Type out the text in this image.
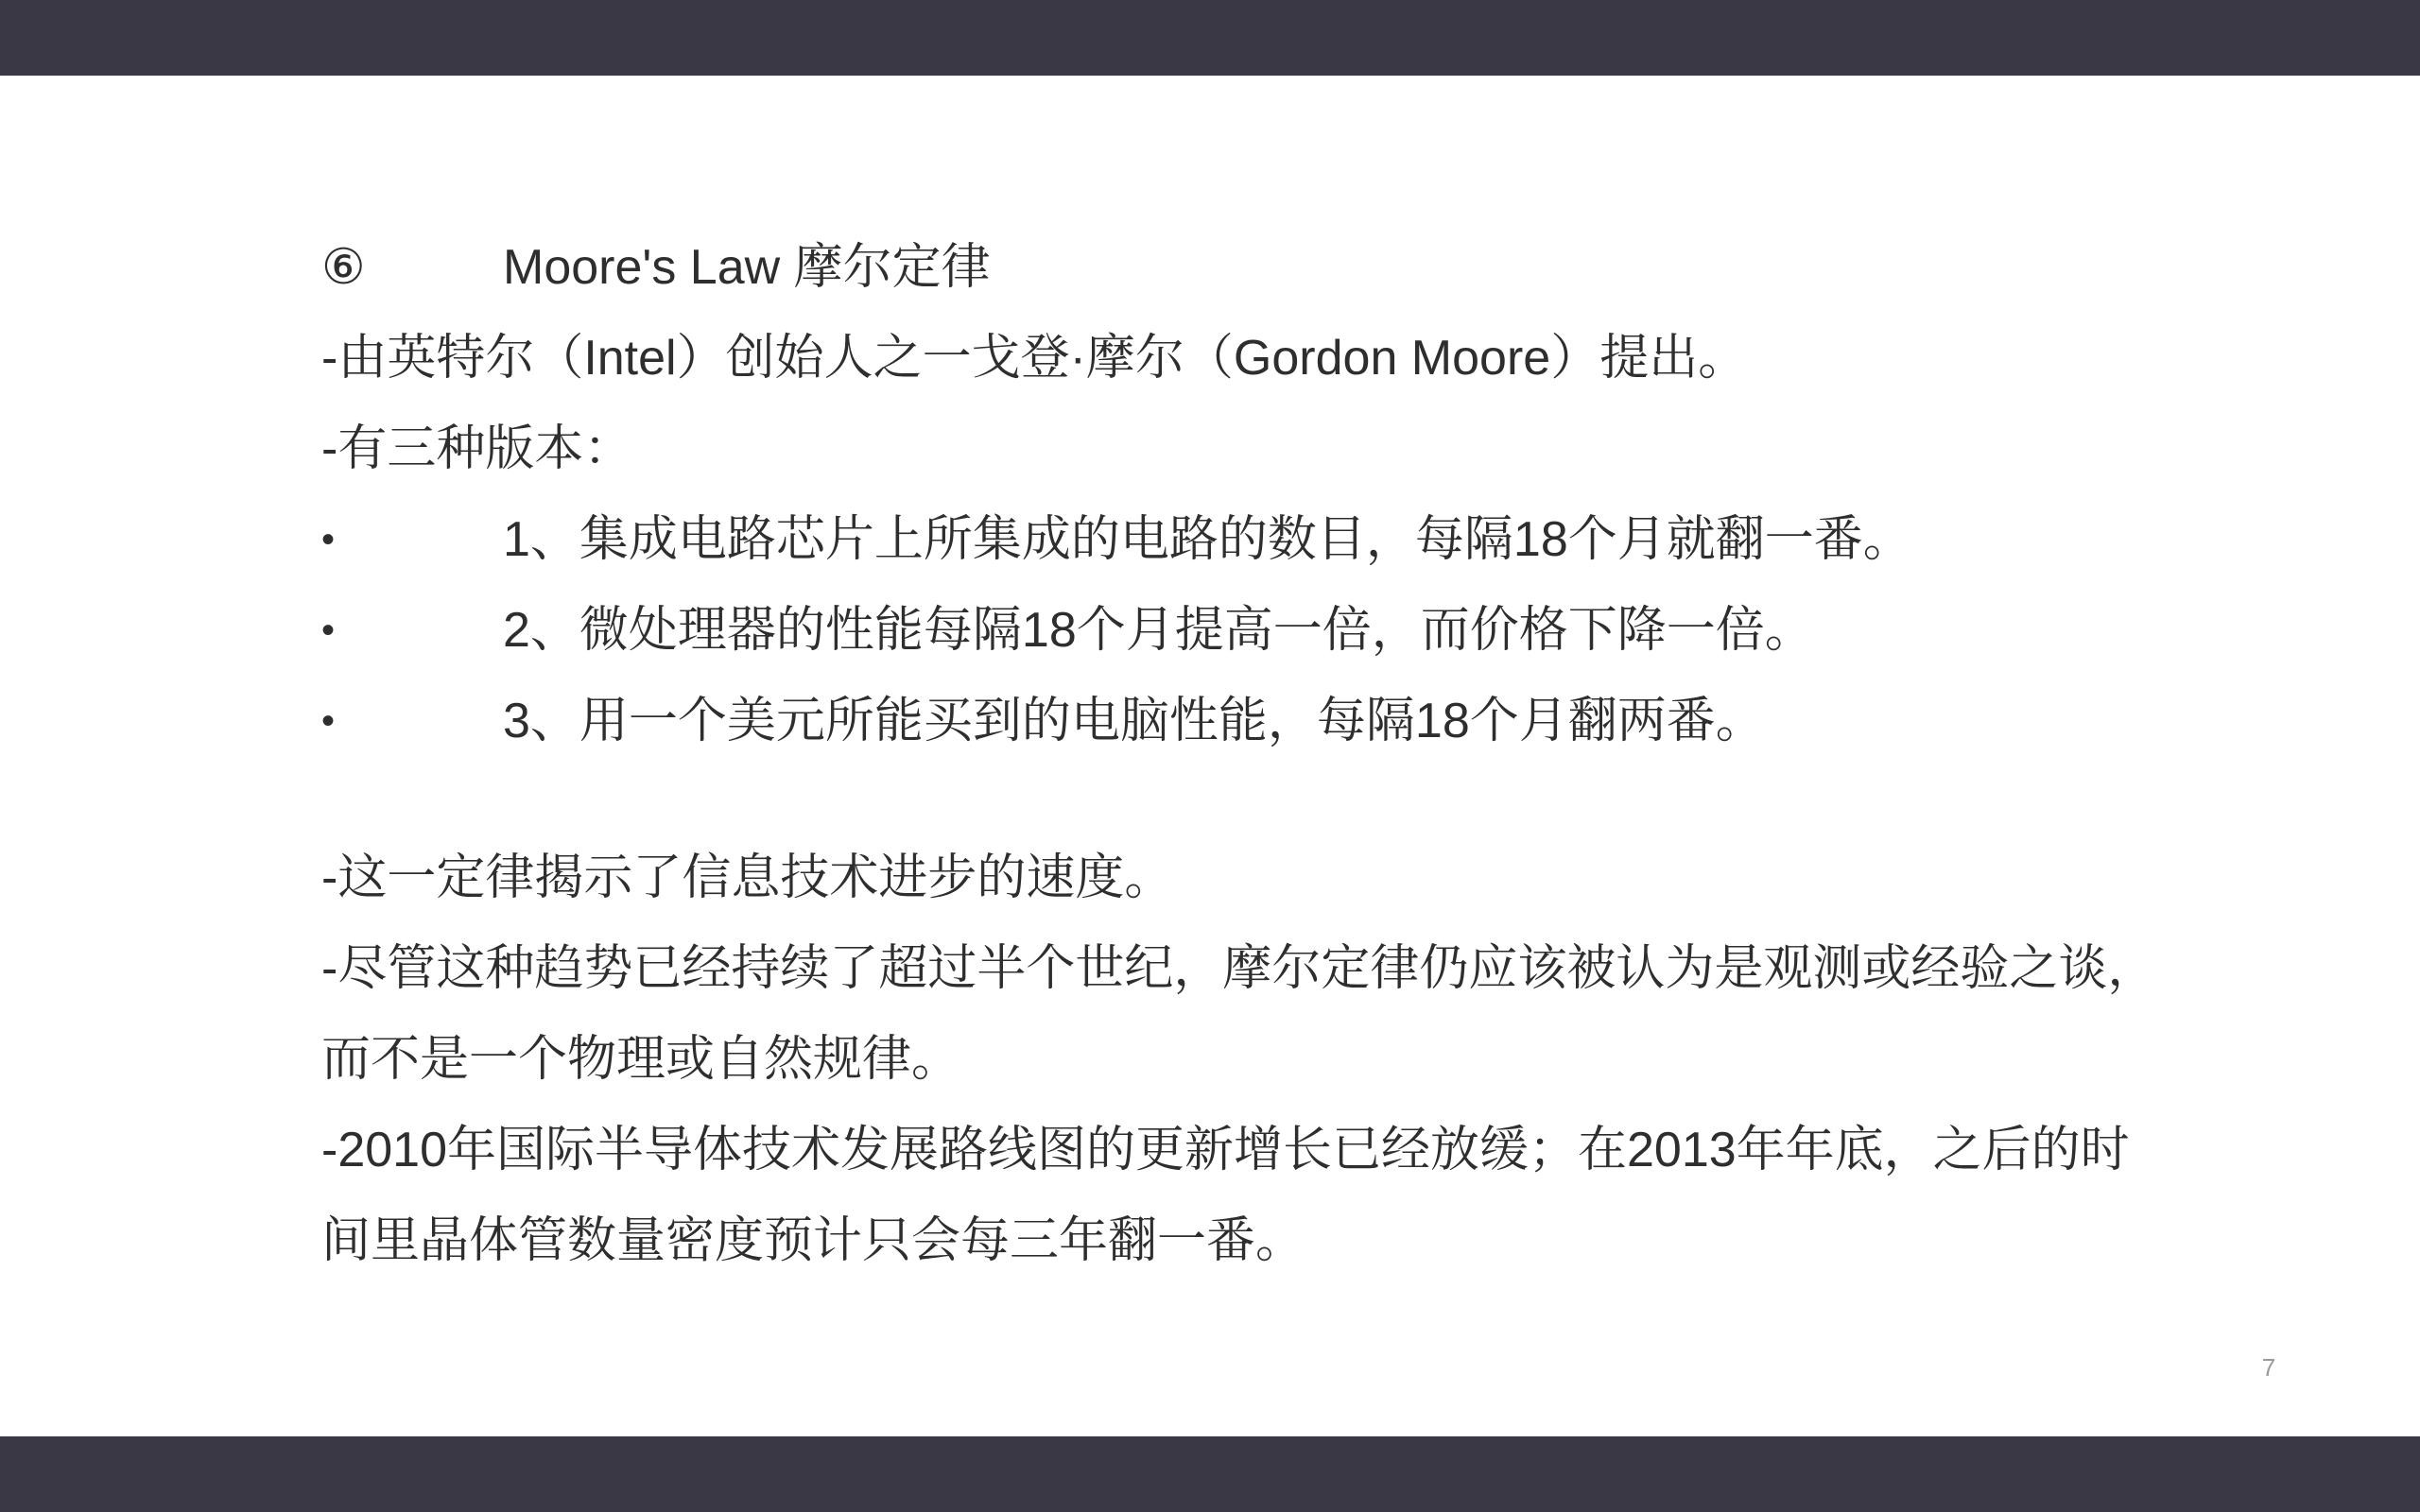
⑥	Moore's Law 摩尔定律
-由英特尔（Intel）创始人之一戈登·摩尔（Gordon Moore）提出。
-有三种版本：
•	1、集成电路芯片上所集成的电路的数目，每隔18个月就翻一番。
•	2、微处理器的性能每隔18个月提高一倍，而价格下降一倍。
•	3、用一个美元所能买到的电脑性能，每隔18个月翻两番。
-这一定律揭示了信息技术进步的速度。
-尽管这种趋势已经持续了超过半个世纪，摩尔定律仍应该被认为是观测或经验之谈，
而不是一个物理或自然规律。
-2010年国际半导体技术发展路线图的更新增长已经放缓；在2013年年底，之后的时
间里晶体管数量密度预计只会每三年翻一番。
7
